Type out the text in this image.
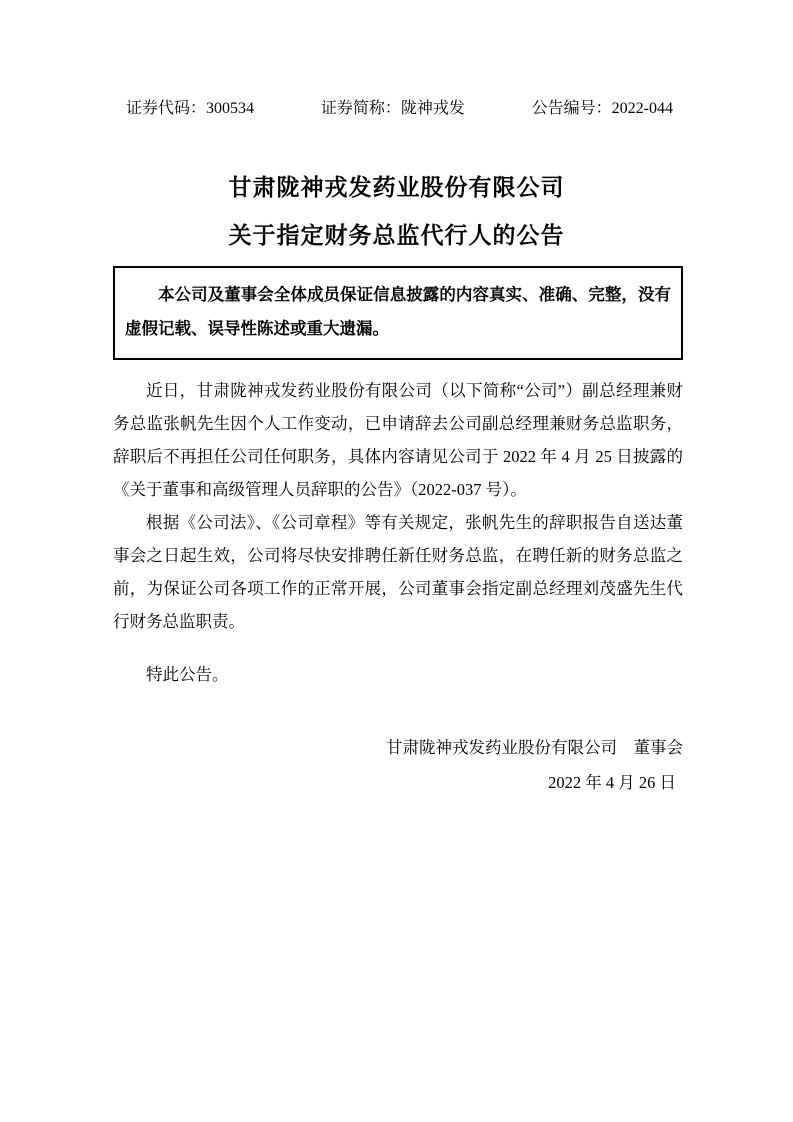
证券代码：300534	证券简称：陇神戎发	公告编号：2022-044
甘肃陇神戎发药业股份有限公司
关于指定财务总监代行人的公告

本公司及董事会全体成员保证信息披露的内容真实、准确、完整，没有虚假记载、误导性陈述或重大遗漏。

近日，甘肃陇神戎发药业股份有限公司（以下简称“公司”）副总经理兼财务总监张帆先生因个人工作变动，已申请辞去公司副总经理兼财务总监职务，辞职后不再担任公司任何职务，具体内容请见公司于 2022 年 4 月 25 日披露的《关于董事和高级管理人员辞职的公告》（2022-037 号）。

根据《公司法》、《公司章程》等有关规定，张帆先生的辞职报告自送达董事会之日起生效，公司将尽快安排聘任新任财务总监，在聘任新的财务总监之前，为保证公司各项工作的正常开展，公司董事会指定副总经理刘茂盛先生代行财务总监职责。

特此公告。
甘肃陇神戎发药业股份有限公司　董事会
2022 年 4 月 26 日
